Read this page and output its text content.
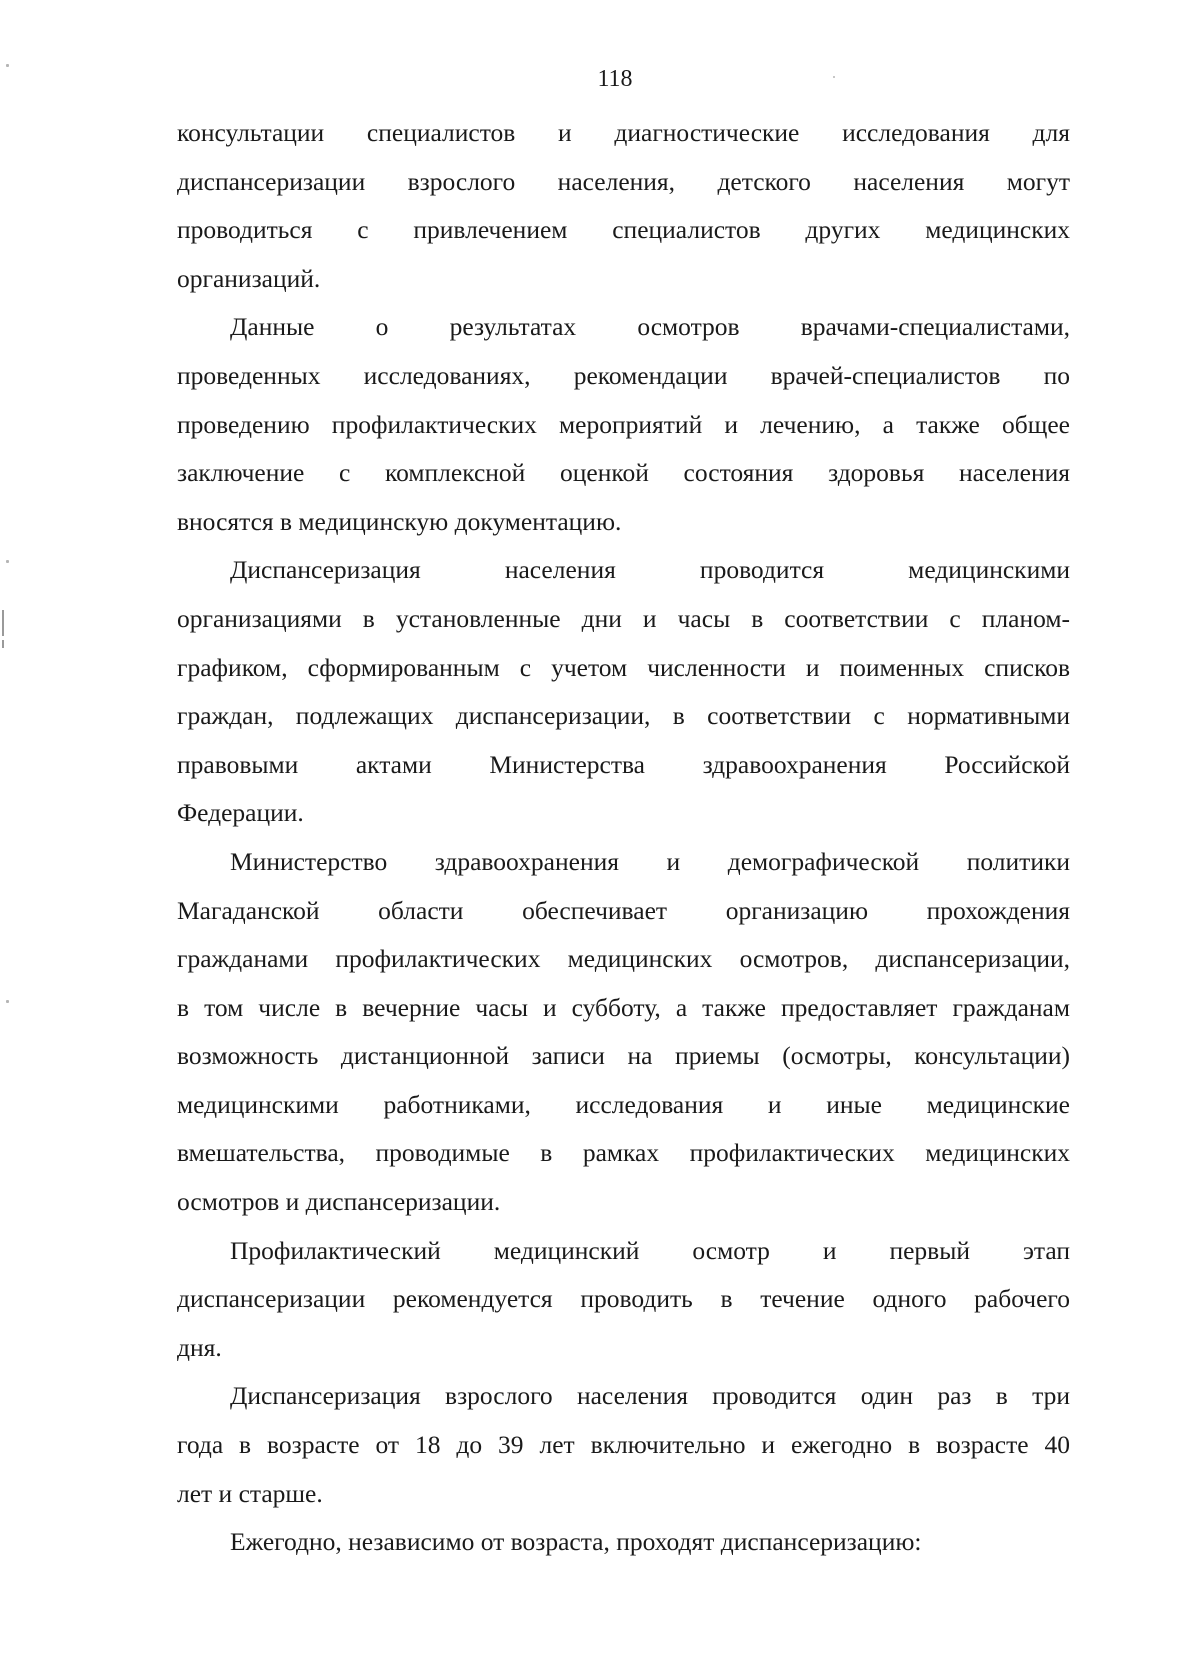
118
консультации специалистов и диагностические исследования для
диспансеризации взрослого населения, детского населения могут
проводиться с привлечением специалистов других медицинских
организаций.
Данные о результатах осмотров врачами-специалистами,
проведенных исследованиях, рекомендации врачей-специалистов по
проведению профилактических мероприятий и лечению, а также общее
заключение с комплексной оценкой состояния здоровья населения
вносятся в медицинскую документацию.
Диспансеризация населения проводится медицинскими
организациями в установленные дни и часы в соответствии с планом-
графиком, сформированным с учетом численности и поименных списков
граждан, подлежащих диспансеризации, в соответствии с нормативными
правовыми актами Министерства здравоохранения Российской
Федерации.
Министерство здравоохранения и демографической политики
Магаданской области обеспечивает организацию прохождения
гражданами профилактических медицинских осмотров, диспансеризации,
в том числе в вечерние часы и субботу, а также предоставляет гражданам
возможность дистанционной записи на приемы (осмотры, консультации)
медицинскими работниками, исследования и иные медицинские
вмешательства, проводимые в рамках профилактических медицинских
осмотров и диспансеризации.
Профилактический медицинский осмотр и первый этап
диспансеризации рекомендуется проводить в течение одного рабочего
дня.
Диспансеризация взрослого населения проводится один раз в три
года в возрасте от 18 до 39 лет включительно и ежегодно в возрасте 40
лет и старше.
Ежегодно, независимо от возраста, проходят диспансеризацию:
